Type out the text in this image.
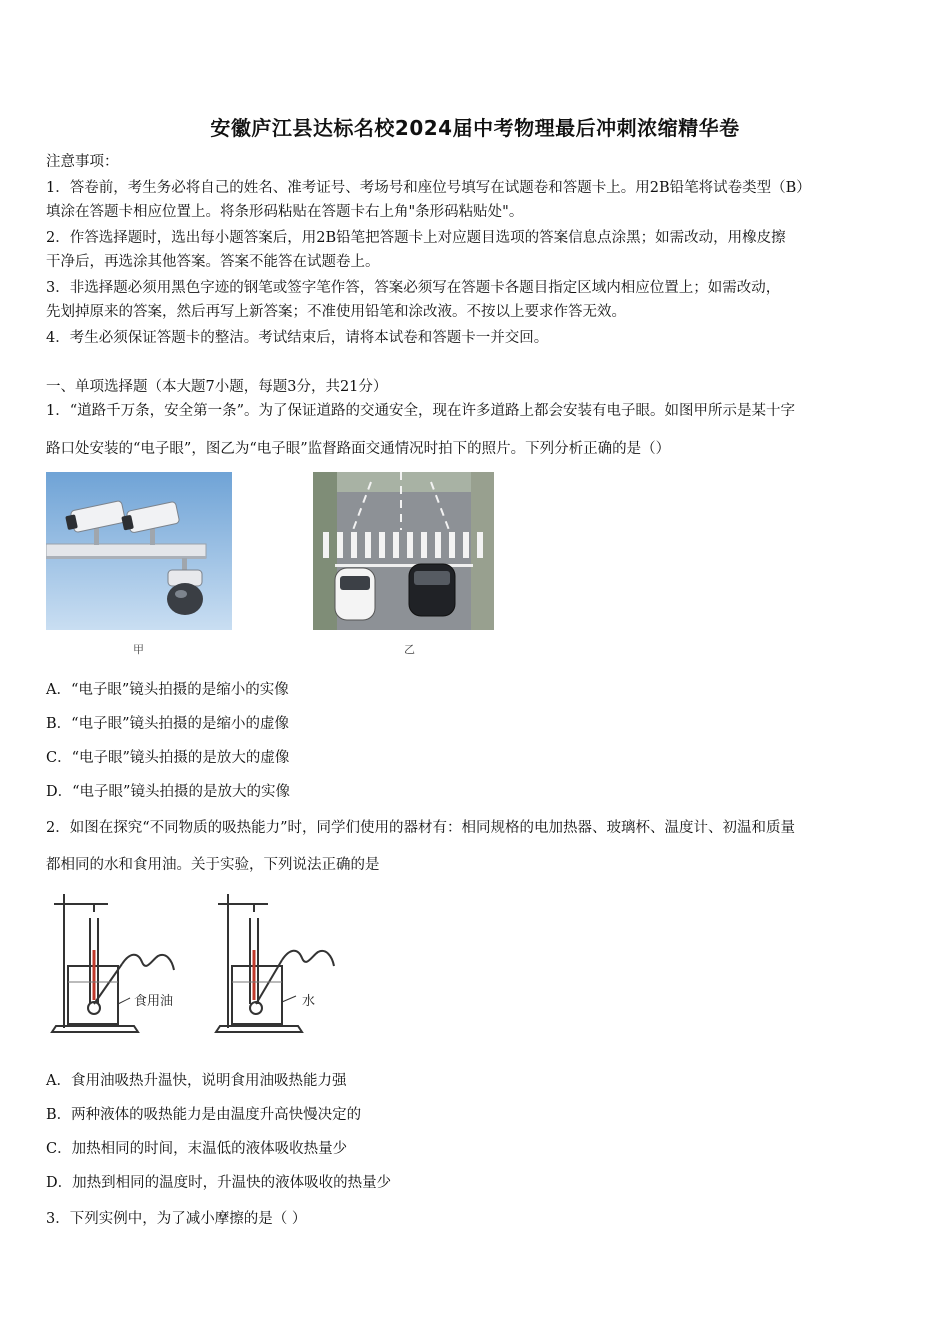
安徽庐江县达标名校2024届中考物理最后冲刺浓缩精华卷
注意事项：
1．答卷前，考生务必将自己的姓名、准考证号、考场号和座位号填写在试题卷和答题卡上。用2B铅笔将试卷类型（B）
填涂在答题卡相应位置上。将条形码粘贴在答题卡右上角"条形码粘贴处"。
2．作答选择题时，选出每小题答案后，用2B铅笔把答题卡上对应题目选项的答案信息点涂黑；如需改动，用橡皮擦
干净后，再选涂其他答案。答案不能答在试题卷上。
3．非选择题必须用黑色字迹的钢笔或签字笔作答，答案必须写在答题卡各题目指定区域内相应位置上；如需改动，
先划掉原来的答案，然后再写上新答案；不准使用铅笔和涂改液。不按以上要求作答无效。
4．考生必须保证答题卡的整洁。考试结束后，请将本试卷和答题卡一并交回。
一、单项选择题（本大题7小题，每题3分，共21分）
1．“道路千万条，安全第一条”。为了保证道路的交通安全，现在许多道路上都会安装有电子眼。如图甲所示是某十字
路口处安装的“电子眼”，图乙为“电子眼”监督路面交通情况时拍下的照片。下列分析正确的是（）
甲	乙
A．“电子眼”镜头拍摄的是缩小的实像
B．“电子眼”镜头拍摄的是缩小的虚像
C．“电子眼”镜头拍摄的是放大的虚像
D．“电子眼”镜头拍摄的是放大的实像
2．如图在探究“不同物质的吸热能力”时，同学们使用的器材有：相同规格的电加热器、玻璃杯、温度计、初温和质量
都相同的水和食用油。关于实验，下列说法正确的是
食用油	水
A．食用油吸热升温快，说明食用油吸热能力强
B．两种液体的吸热能力是由温度升高快慢决定的
C．加热相同的时间，末温低的液体吸收热量少
D．加热到相同的温度时，升温快的液体吸收的热量少
3．下列实例中，为了减小摩擦的是（ ）
